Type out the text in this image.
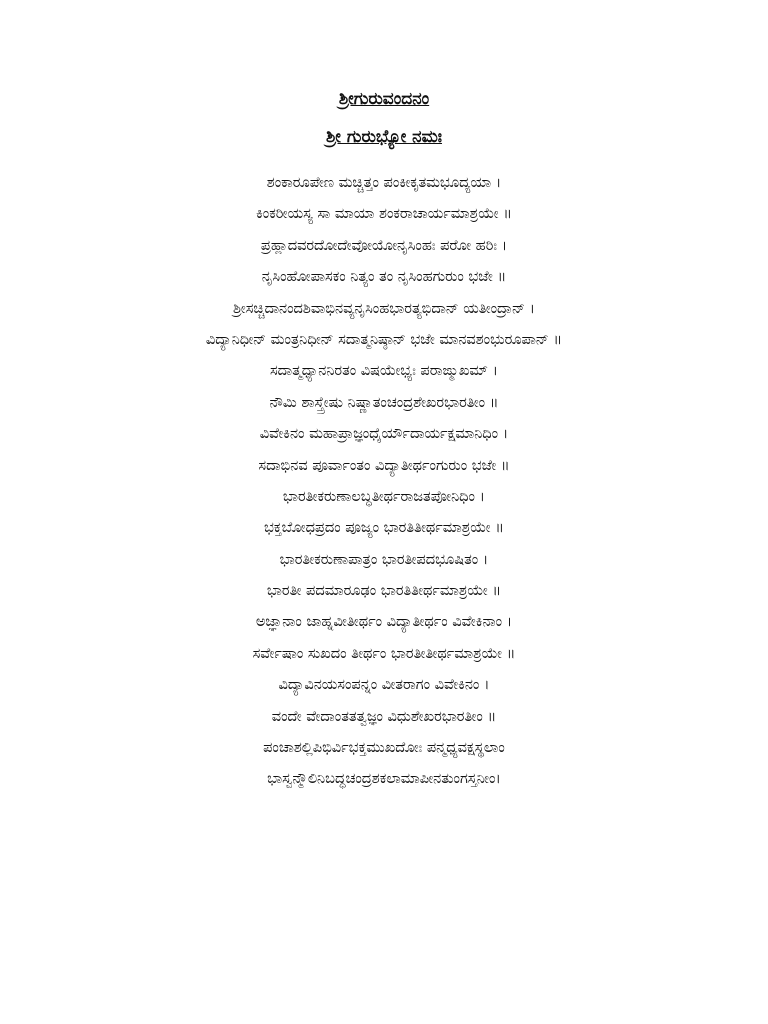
ಶ್ರೀಗುರುವಂದನಂ
ಶ್ರೀ ಗುರುಭ್ಯೋ ನಮಃ
ಶಂಕಾರೂಪೇಣ ಮಚ್ಚಿತ್ತಂ ಪಂಕೀಕೃತಮಭೂದ್ಯಯಾ ।
ಕಿಂಕರೀಯಸ್ಯ ಸಾ ಮಾಯಾ ಶಂಕರಾಚಾರ್ಯಮಾಶ್ರಯೇ ॥
ಪ್ರಹ್ಲಾದವರದೋದೇವೋಯೋನೃಸಿಂಹಃ ಪರೋ ಹರಿಃ ।
ನೃಸಿಂಹೋಪಾಸಕಂ ನಿತ್ಯಂ ತಂ ನೃಸಿಂಹಗುರುಂ ಭಜೇ ॥
ಶ್ರೀಸಚ್ಚಿದಾನಂದಶಿವಾಭಿನವ್ಯನೃಸಿಂಹಭಾರತ್ಯಭಿದಾನ್ ಯತೀಂದ್ರಾನ್ ।
ವಿದ್ಯಾನಿಧೀನ್ ಮಂತ್ರನಿಧೀನ್ ಸದಾತ್ಮನಿಷ್ಠಾನ್ ಭಜೇ ಮಾನವಶಂಭುರೂಪಾನ್ ॥
ಸದಾತ್ಮಧ್ಯಾನನಿರತಂ ವಿಷಯೇಭ್ಯಃ ಪರಾಙ್ಮುಖಮ್ ।
ನೌಮಿ ಶಾಸ್ತ್ರೇಷು ನಿಷ್ಣಾತಂಚಂದ್ರಶೇಖರಭಾರತೀಂ ॥
ವಿವೇಕಿನಂ ಮಹಾಪ್ರಾಜ್ಞಂಧೈರ್ಯೌದಾರ್ಯಕ್ಷಮಾನಿಧಿಂ ।
ಸದಾಭಿನವ ಪೂರ್ವಾಂತಂ ವಿದ್ಯಾತೀರ್ಥಂಗುರುಂ ಭಜೇ ॥
ಭಾರತೀಕರುಣಾಲಬ್ಧತೀರ್ಥರಾಜತಪೋನಿಧಿಂ ।
ಭಕ್ತಬೋಧಪ್ರದಂ ಪೂಜ್ಯಂ ಭಾರತಿತೀರ್ಥಮಾಶ್ರಯೇ ॥
ಭಾರತೀಕರುಣಾಪಾತ್ರಂ ಭಾರತೀಪದಭೂಷಿತಂ ।
ಭಾರತೀ ಪದಮಾರೂಢಂ ಭಾರತಿತೀರ್ಥಮಾಶ್ರಯೇ ॥
ಅಜ್ಞಾನಾಂ ಜಾಹ್ನವೀತೀರ್ಥಂ ವಿದ್ಯಾತೀರ್ಥಂ ವಿವೇಕಿನಾಂ ।
ಸರ್ವೇಷಾಂ ಸುಖದಂ ತೀರ್ಥಂ ಭಾರತೀತೀರ್ಥಮಾಶ್ರಯೇ ॥
ವಿದ್ಯಾವಿನಯಸಂಪನ್ನಂ ವೀತರಾಗಂ ವಿವೇಕಿನಂ ।
ವಂದೇ ವೇದಾಂತತತ್ವಜ್ಞಂ ವಿಧುಶೇಖರಭಾರತೀಂ ॥
ಪಂಚಾಶಲ್ಲಿಪಿಭಿರ್ವಿಭಕ್ತಮುಖದೋಃ ಪನ್ಮಧ್ಯವಕ್ಷಸ್ಥಲಾಂ
ಭಾಸ್ವನ್ಮೌಲಿನಿಬದ್ಧಚಂದ್ರಶಕಲಾಮಾಪೀನತುಂಗಸ್ತನೀಂ।
